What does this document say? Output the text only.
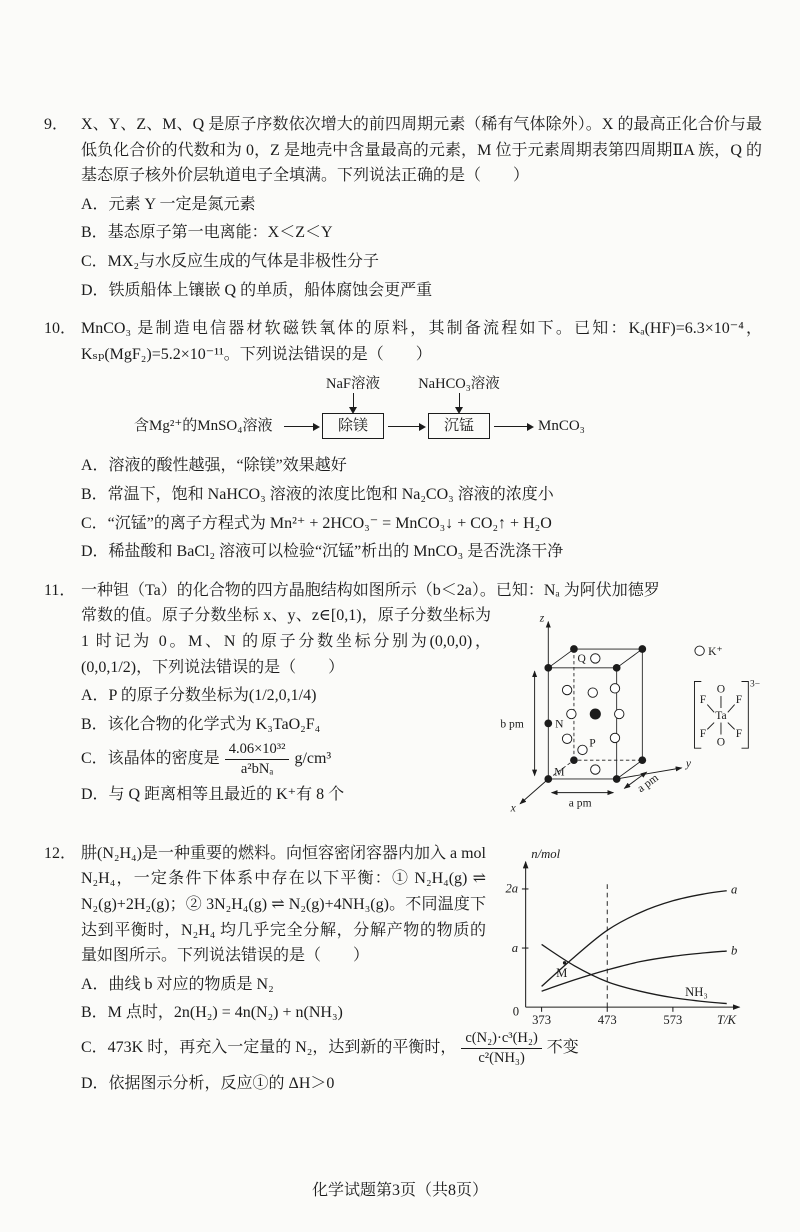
9． X、Y、Z、M、Q 是原子序数依次增大的前四周期元素（稀有气体除外）。X 的最高正化合价与最低负化合价的代数和为 0，Z 是地壳中含量最高的元素，M 位于元素周期表第四周期ⅡA 族，Q 的基态原子核外价层轨道电子全填满。下列说法正确的是（　　）
A．元素 Y 一定是氮元素
B．基态原子第一电离能：X＜Z＜Y
C．MX₂与水反应生成的气体是非极性分子
D．铁质船体上镶嵌 Q 的单质，船体腐蚀会更严重
10． MnCO₃ 是制造电信器材软磁铁氧体的原料，其制备流程如下。已知：Kₐ(HF)=6.3×10⁻⁴，Kₛₚ(MgF₂)=5.2×10⁻¹¹。下列说法错误的是（　　）
NaF溶液	NaHCO₃溶液
含Mg²⁺的MnSO₄溶液	除镁	沉锰	MnCO₃
A．溶液的酸性越强，“除镁”效果越好
B．常温下，饱和 NaHCO₃ 溶液的浓度比饱和 Na₂CO₃ 溶液的浓度小
C．“沉锰”的离子方程式为 Mn²⁺ + 2HCO₃⁻ = MnCO₃↓ + CO₂↑ + H₂O
D．稀盐酸和 BaCl₂ 溶液可以检验“沉锰”析出的 MnCO₃ 是否洗涤干净
11． 一种钽（Ta）的化合物的四方晶胞结构如图所示（b＜2a）。已知：Nₐ 为阿伏加德罗
常数的值。原子分数坐标 x、y、z∈[0,1)，原子分数坐标为 1 时记为 0。M、N 的原子分数坐标分别为(0,0,0)，(0,0,1/2)，下列说法错误的是（　　）
A．P 的原子分数坐标为(1/2,0,1/4)
B．该化合物的化学式为 K₃TaO₂F₄
C．该晶体的密度是 $\frac{\text{4.06×10³²}}{\text{a²bNₐ}} g/cm^3$
D．与 Q 距离相等且最近的 K⁺有 8 个
z
y
x
b pm
a pm
a pm
Q
N
M
P
K⁺
Ta
O
O
F
F
F
F
3−
12． 肼(N₂H₄)是一种重要的燃料。向恒容密闭容器内加入 a mol N₂H₄，一定条件下体系中存在以下平衡：① N₂H₄(g) ⇌ N₂(g)+2H₂(g)；② 3N₂H₄(g) ⇌ N₂(g)+4NH₃(g)。不同温度下达到平衡时，N₂H₄ 均几乎完全分解，分解产物的物质的量如图所示。下列说法错误的是（　　）
A．曲线 b 对应的物质是 N₂
B．M 点时，2n(H₂) = 4n(N₂) + n(NH₃)
C．473K 时，再充入一定量的 N₂，达到新的平衡时， $\frac{\text{c(N₂)·c³(H₂)}}{\text{c²(NH₃)}}$ 不变
D．依据图示分析，反应①的 ΔH＞0
n/mol
T/K
2a
a
0
373	473	573
a
b
NH₃
M
化学试题第3页（共8页）
